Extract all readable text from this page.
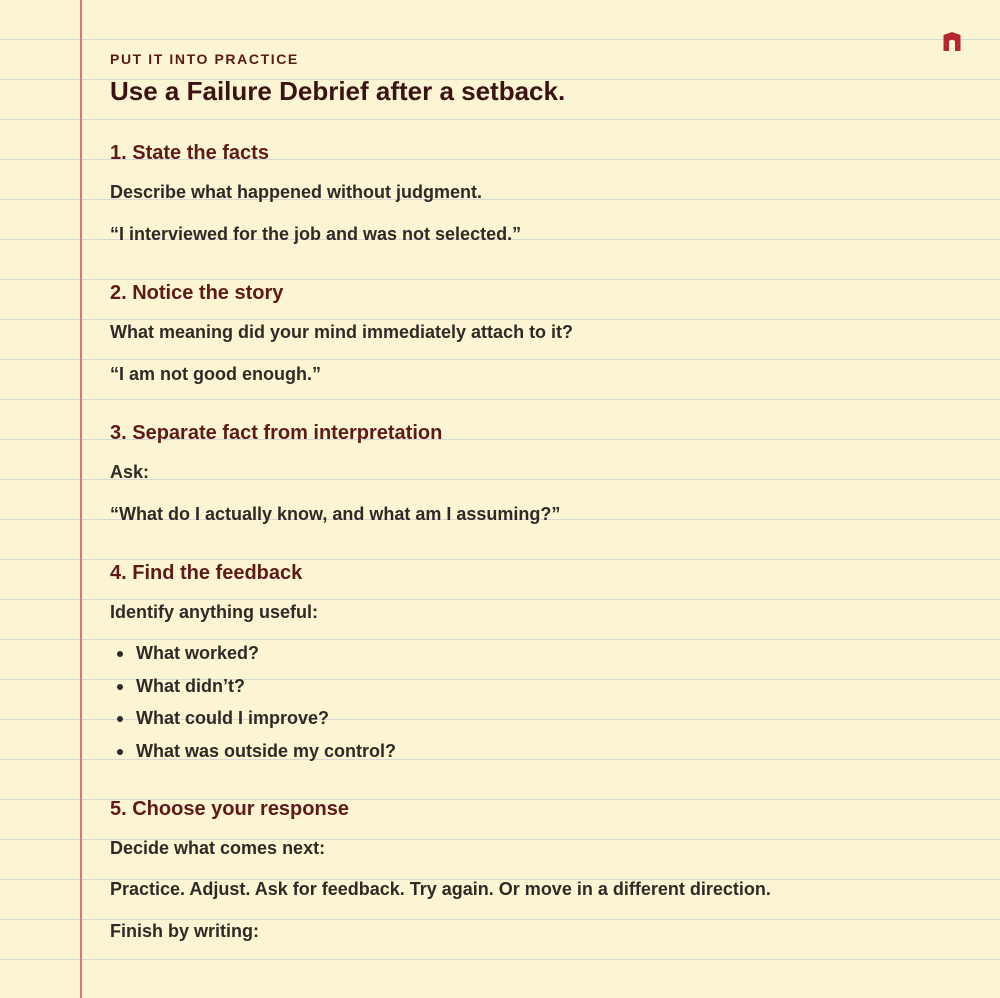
PUT IT INTO PRACTICE
Use a Failure Debrief after a setback.
1. State the facts
Describe what happened without judgment.
“I interviewed for the job and was not selected.”
2. Notice the story
What meaning did your mind immediately attach to it?
“I am not good enough.”
3. Separate fact from interpretation
Ask:
“What do I actually know, and what am I assuming?”
4. Find the feedback
Identify anything useful:
What worked?
What didn’t?
What could I improve?
What was outside my control?
5. Choose your response
Decide what comes next:
Practice. Adjust. Ask for feedback. Try again. Or move in a different direction.
Finish by writing:
